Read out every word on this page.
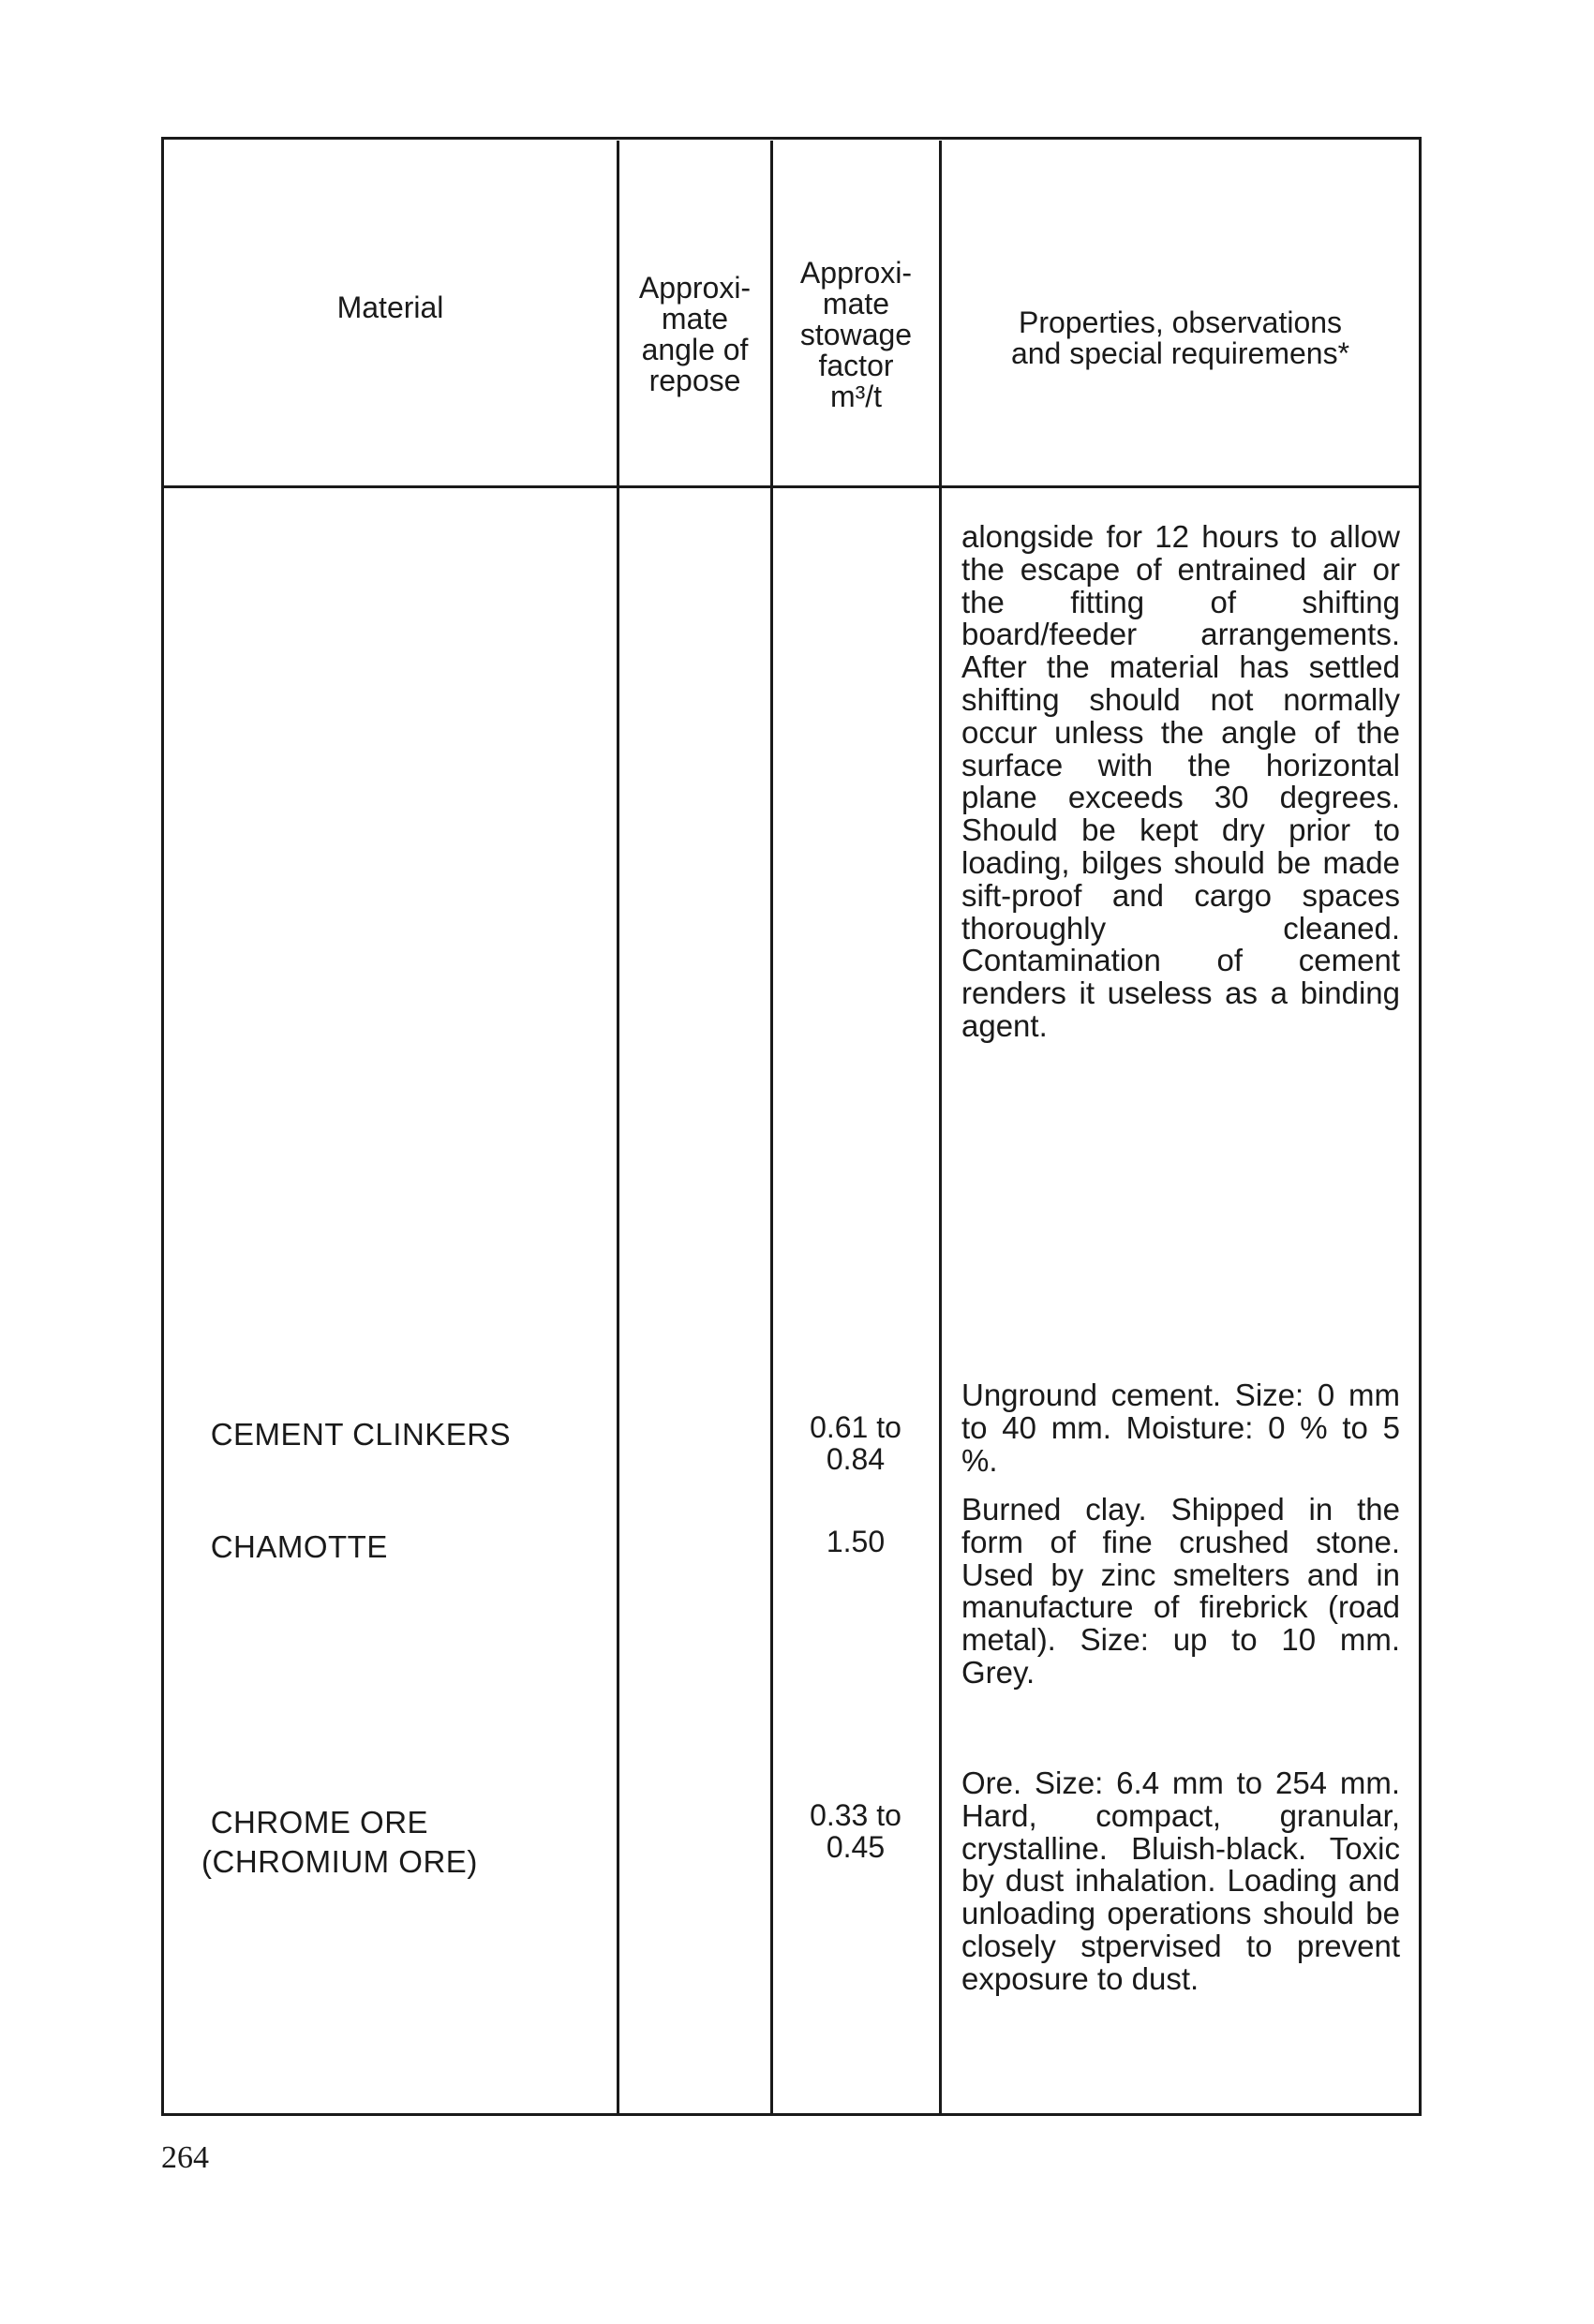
Material

Approxi-
mate
angle of
repose

Approxi-
mate
stowage
factor
m³/t

Properties, observations
and special requiremens*

alongside for 12 hours to allow the escape of entrained air or the fitting of shifting board/feeder arrangements. After the material has settled shifting should not normally occur unless the angle of the surface with the horizontal plane exceeds 30 degrees. Should be kept dry prior to loading, bilges should be made sift-proof and cargo spaces thoroughly cleaned. Contamination of cement renders it useless as a binding agent.

CEMENT CLINKERS
	0.61 to
0.84

Unground cement. Size: 0 mm to 40 mm. Moisture: 0 % to 5 %.

CHAMOTTE
	1.50

Burned clay. Shipped in the form of fine crushed stone. Used by zinc smelters and in manufacture of firebrick (road metal). Size: up to 10 mm. Grey.

CHROME ORE
(CHROMIUM ORE)

0.33 to
0.45

Ore. Size: 6.4 mm to 254 mm. Hard, compact, granular, crystalline. Bluish-black. Toxic by dust inhalation. Loading and unloading operations should be closely stpervised to prevent exposure to dust.
264
